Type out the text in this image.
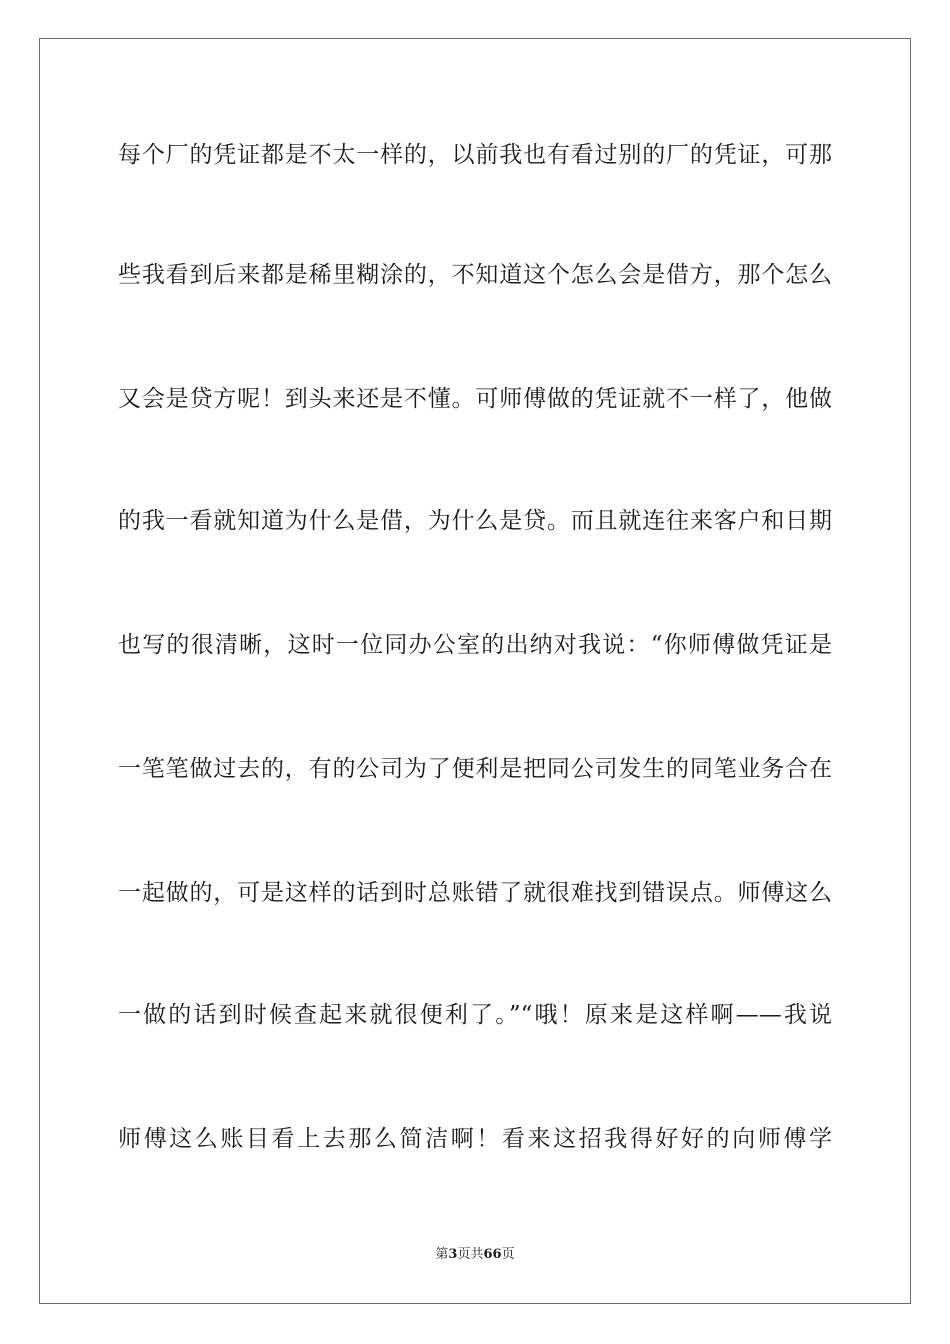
每个厂的凭证都是不太一样的，以前我也有看过别的厂的凭证，可那
些我看到后来都是稀里糊涂的，不知道这个怎么会是借方，那个怎么
又会是贷方呢！到头来还是不懂。可师傅做的凭证就不一样了，他做
的我一看就知道为什么是借，为什么是贷。而且就连往来客户和日期
也写的很清晰，这时一位同办公室的出纳对我说：“你师傅做凭证是
一笔笔做过去的，有的公司为了便利是把同公司发生的同笔业务合在
一起做的，可是这样的话到时总账错了就很难找到错误点。师傅这么
一做的话到时候查起来就很便利了。”“哦！原来是这样啊——我说
师傅这么账目看上去那么简洁啊！看来这招我得好好的向师傅学
第3页共66页
